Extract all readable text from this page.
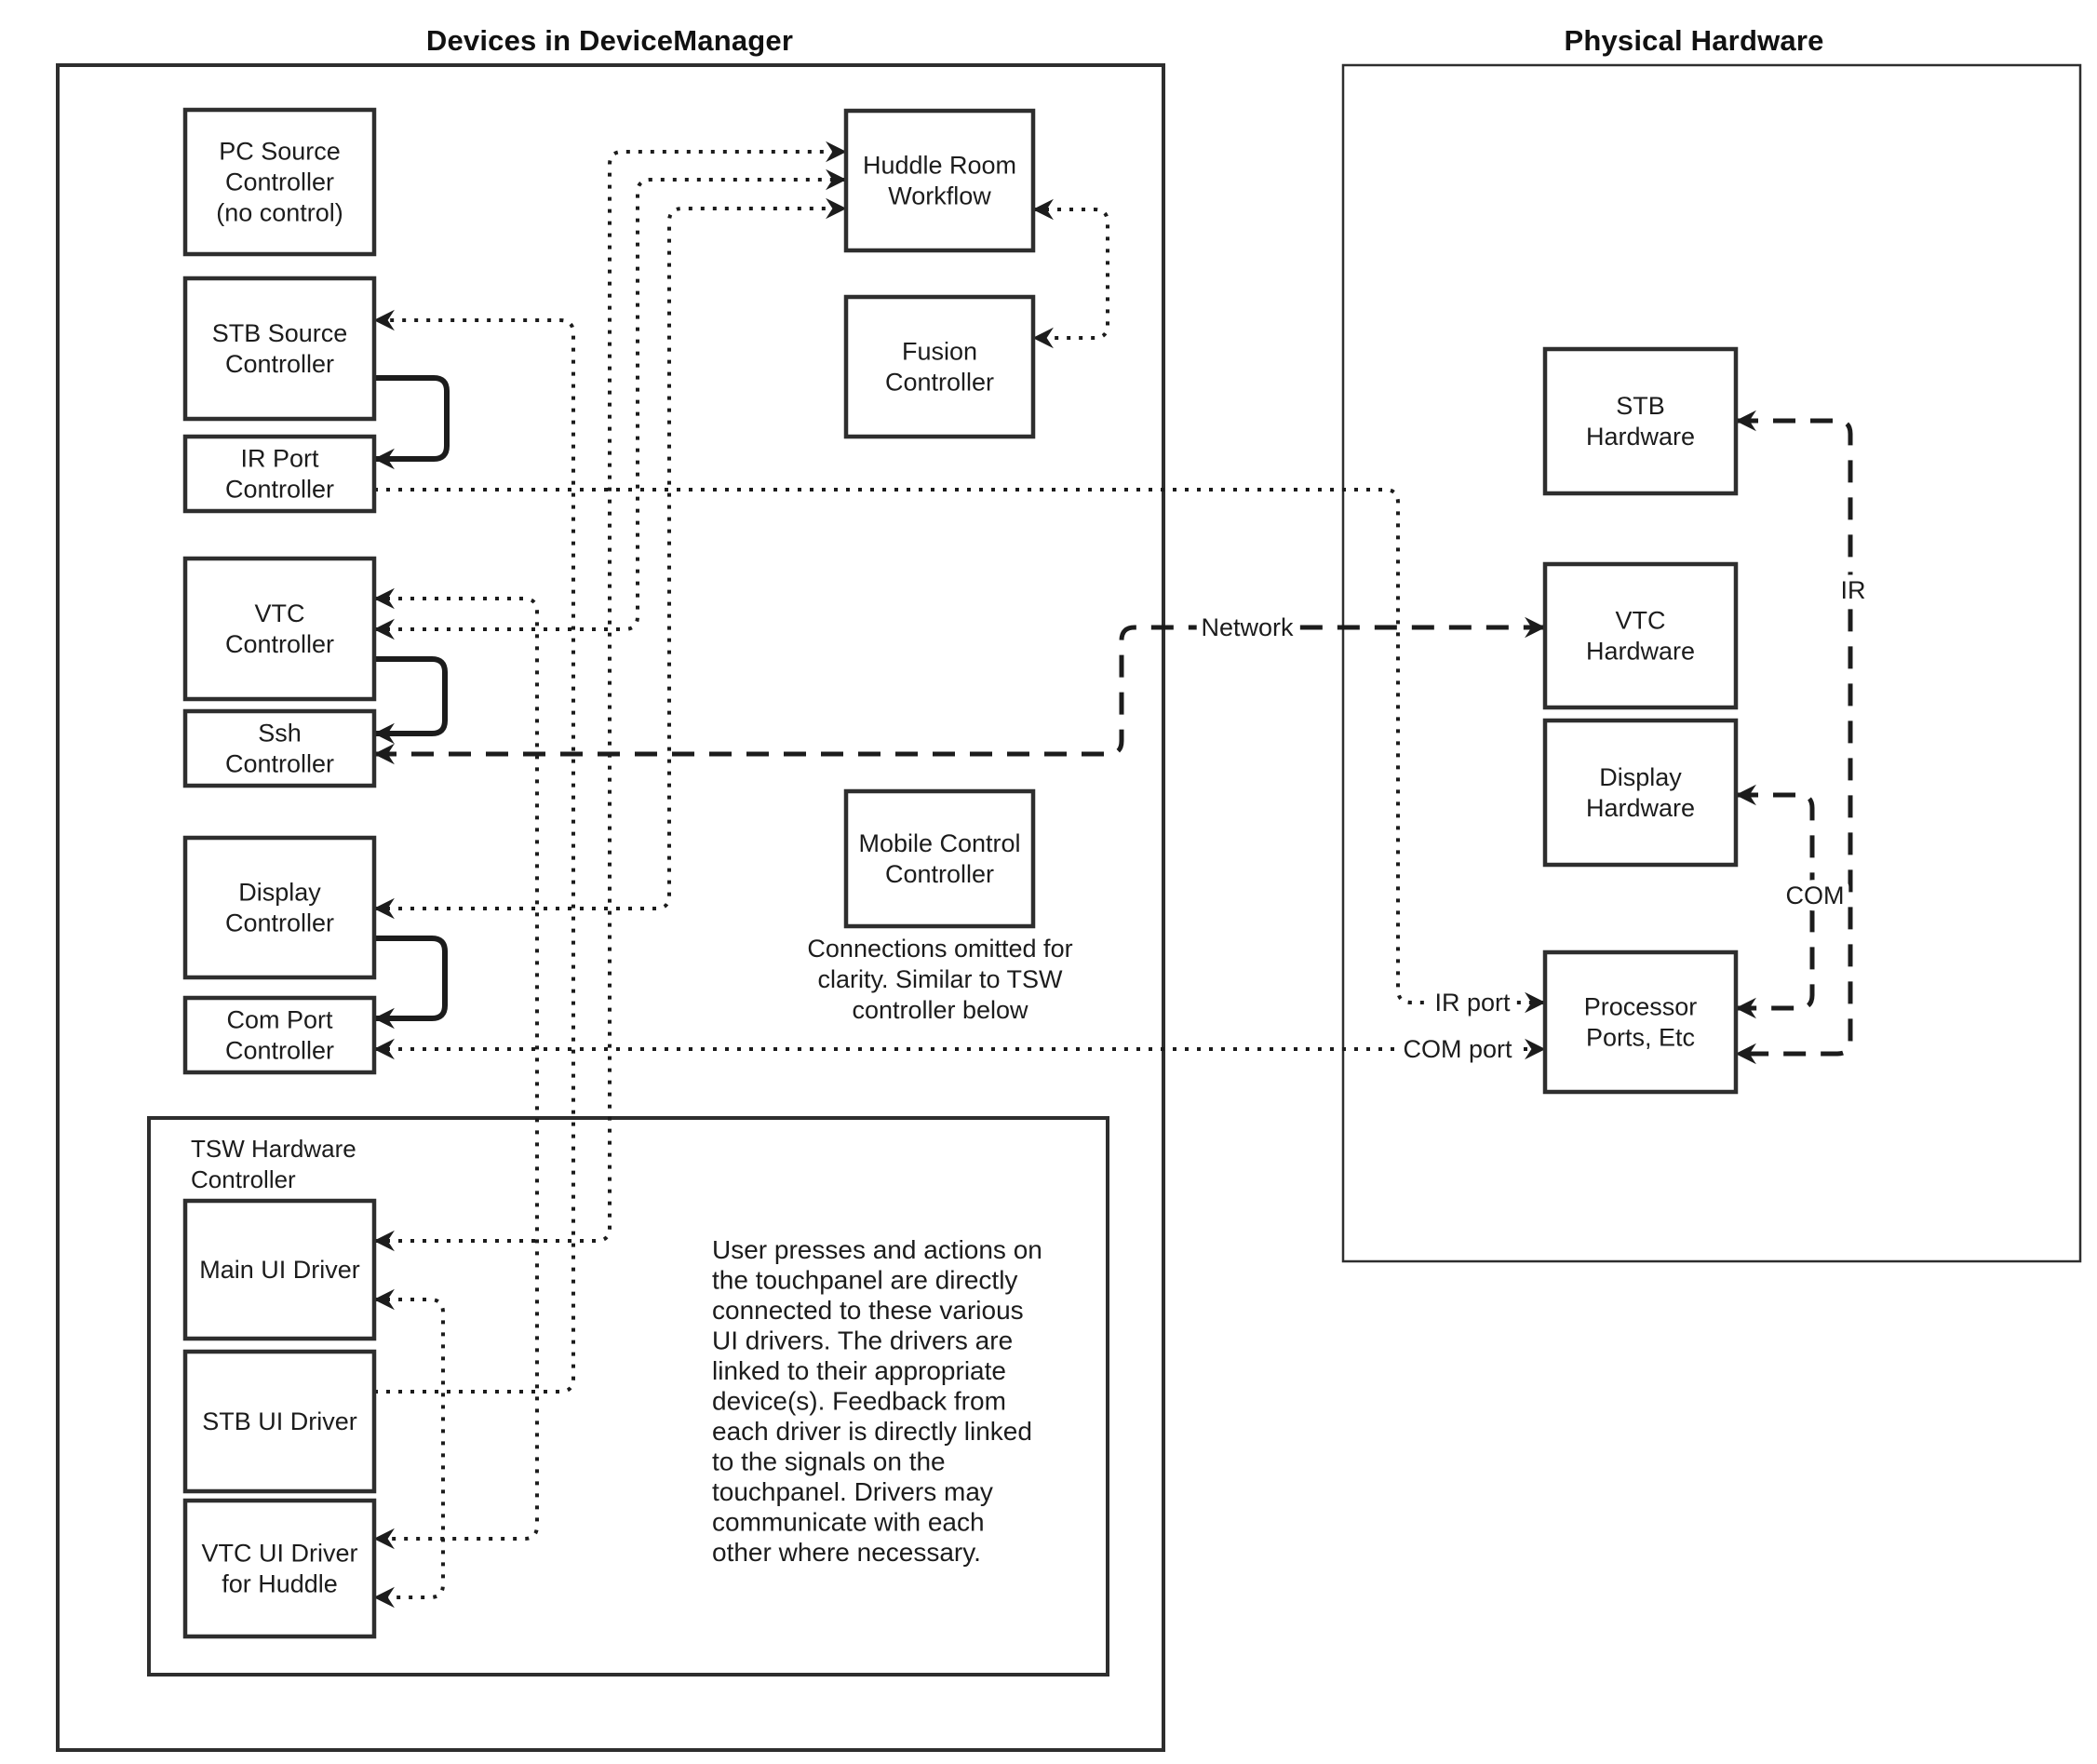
TSW Hardware Controller
IR port
COM port
Network
IR
COM
PC Source Controller (no control)
STB Source Controller
IR Port Controller
VTC Controller
Ssh Controller
Display Controller
Com Port Controller
Huddle Room Workflow
Fusion Controller
Mobile Control Controller
Main UI Driver
STB UI Driver
VTC UI Driver for Huddle
STB Hardware
VTC Hardware
Display Hardware
Processor Ports, Etc
Connections omitted for clarity. Similar to TSW controller below
User presses and actions on the touchpanel are directly connected to these various UI drivers. The drivers are linked to their appropriate device(s). Feedback from each driver is directly linked to the signals on the touchpanel. Drivers may communicate with each other where necessary.
Devices in DeviceManager	Physical Hardware
